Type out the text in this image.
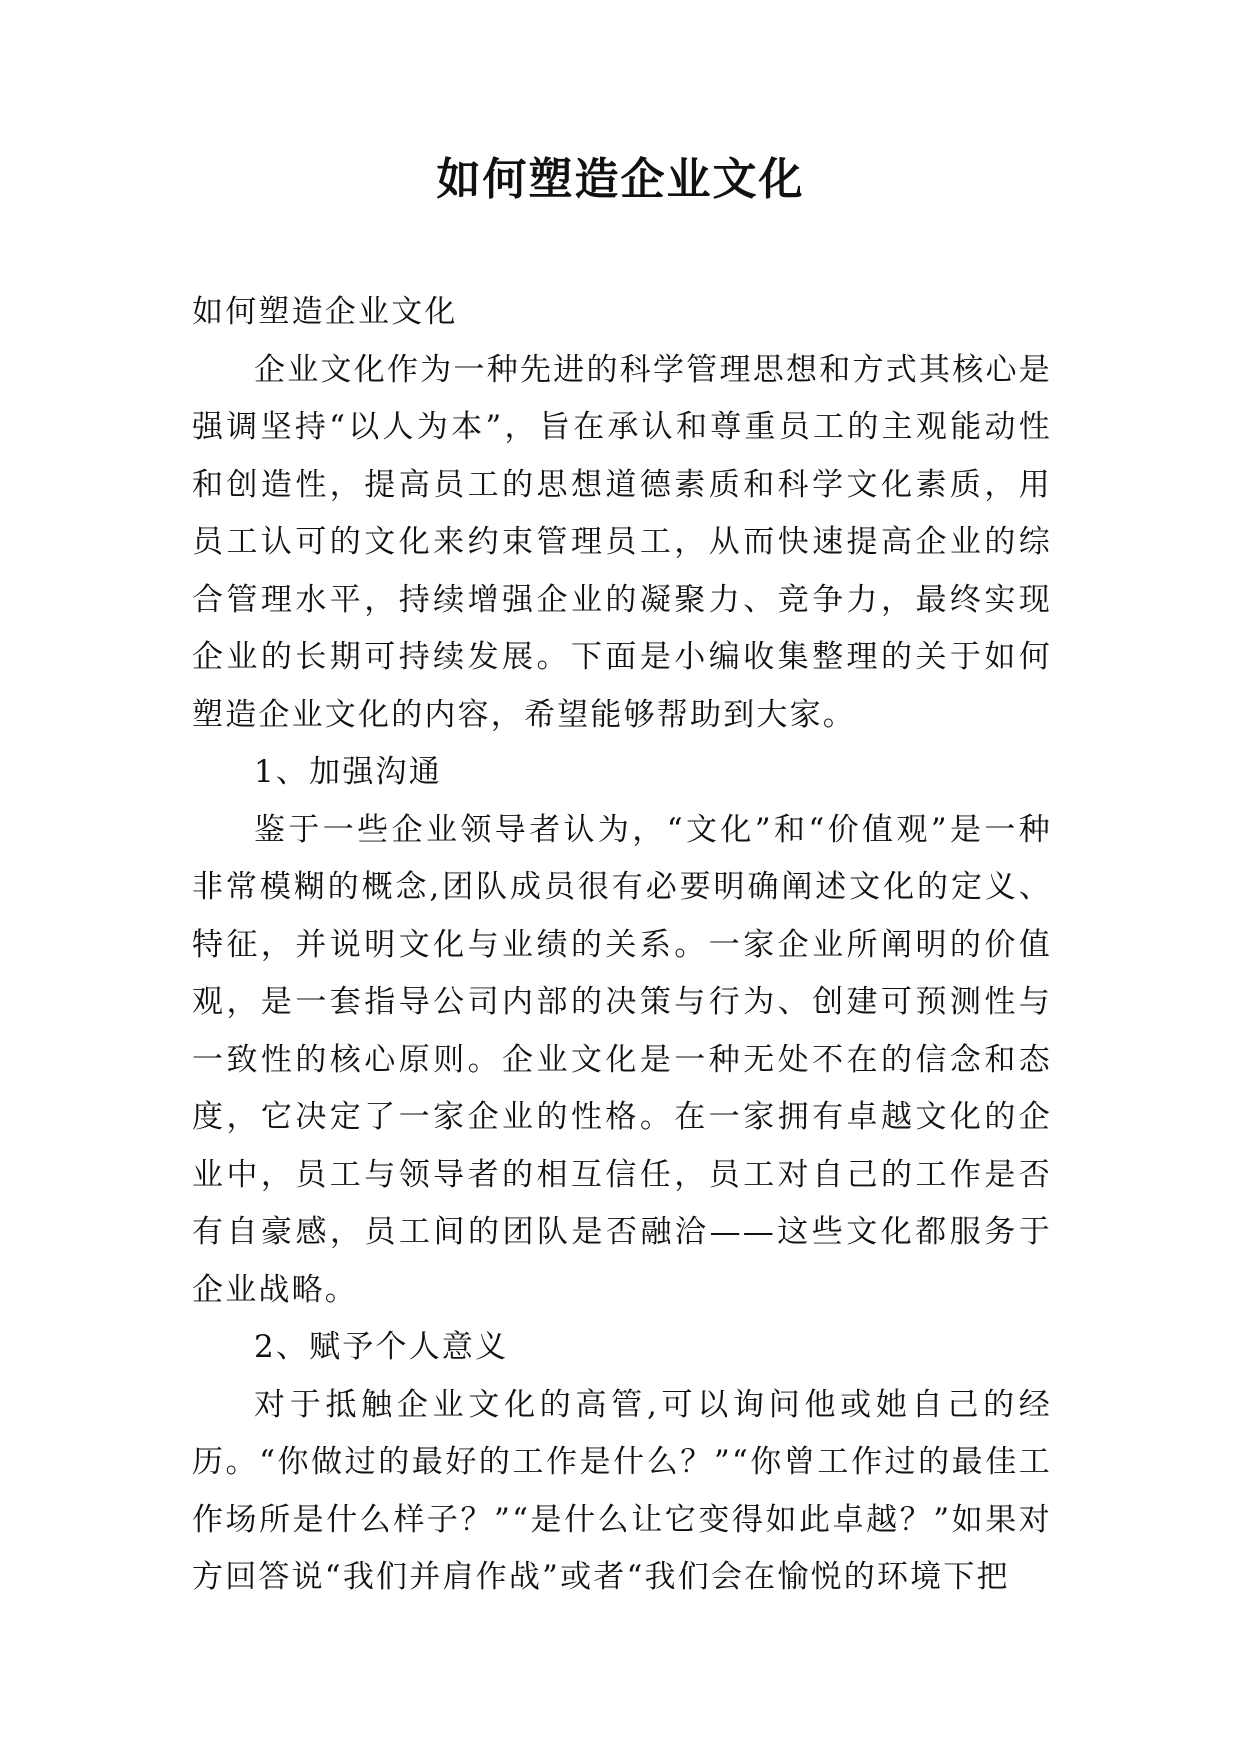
如何塑造企业文化

如何塑造企业文化

企业文化作为一种先进的科学管理思想和方式其核心是强调坚持“以人为本”，旨在承认和尊重员工的主观能动性和创造性，提高员工的思想道德素质和科学文化素质，用员工认可的文化来约束管理员工，从而快速提高企业的综合管理水平，持续增强企业的凝聚力、竞争力，最终实现企业的长期可持续发展。下面是小编收集整理的关于如何塑造企业文化的内容，希望能够帮助到大家。

1、加强沟通

鉴于一些企业领导者认为，“文化”和“价值观”是一种非常模糊的概念,团队成员很有必要明确阐述文化的定义、特征，并说明文化与业绩的关系。一家企业所阐明的价值观，是一套指导公司内部的决策与行为、创建可预测性与一致性的核心原则。企业文化是一种无处不在的信念和态度，它决定了一家企业的性格。在一家拥有卓越文化的企业中，员工与领导者的相互信任，员工对自己的工作是否有自豪感，员工间的团队是否融洽——这些文化都服务于企业战略。

2、赋予个人意义

对于抵触企业文化的高管,可以询问他或她自己的经历。“你做过的最好的工作是什么？”“你曾工作过的最佳工作场所是什么样子？”“是什么让它变得如此卓越？”如果对方回答说“我们并肩作战”或者“我们会在愉悦的环境下把
